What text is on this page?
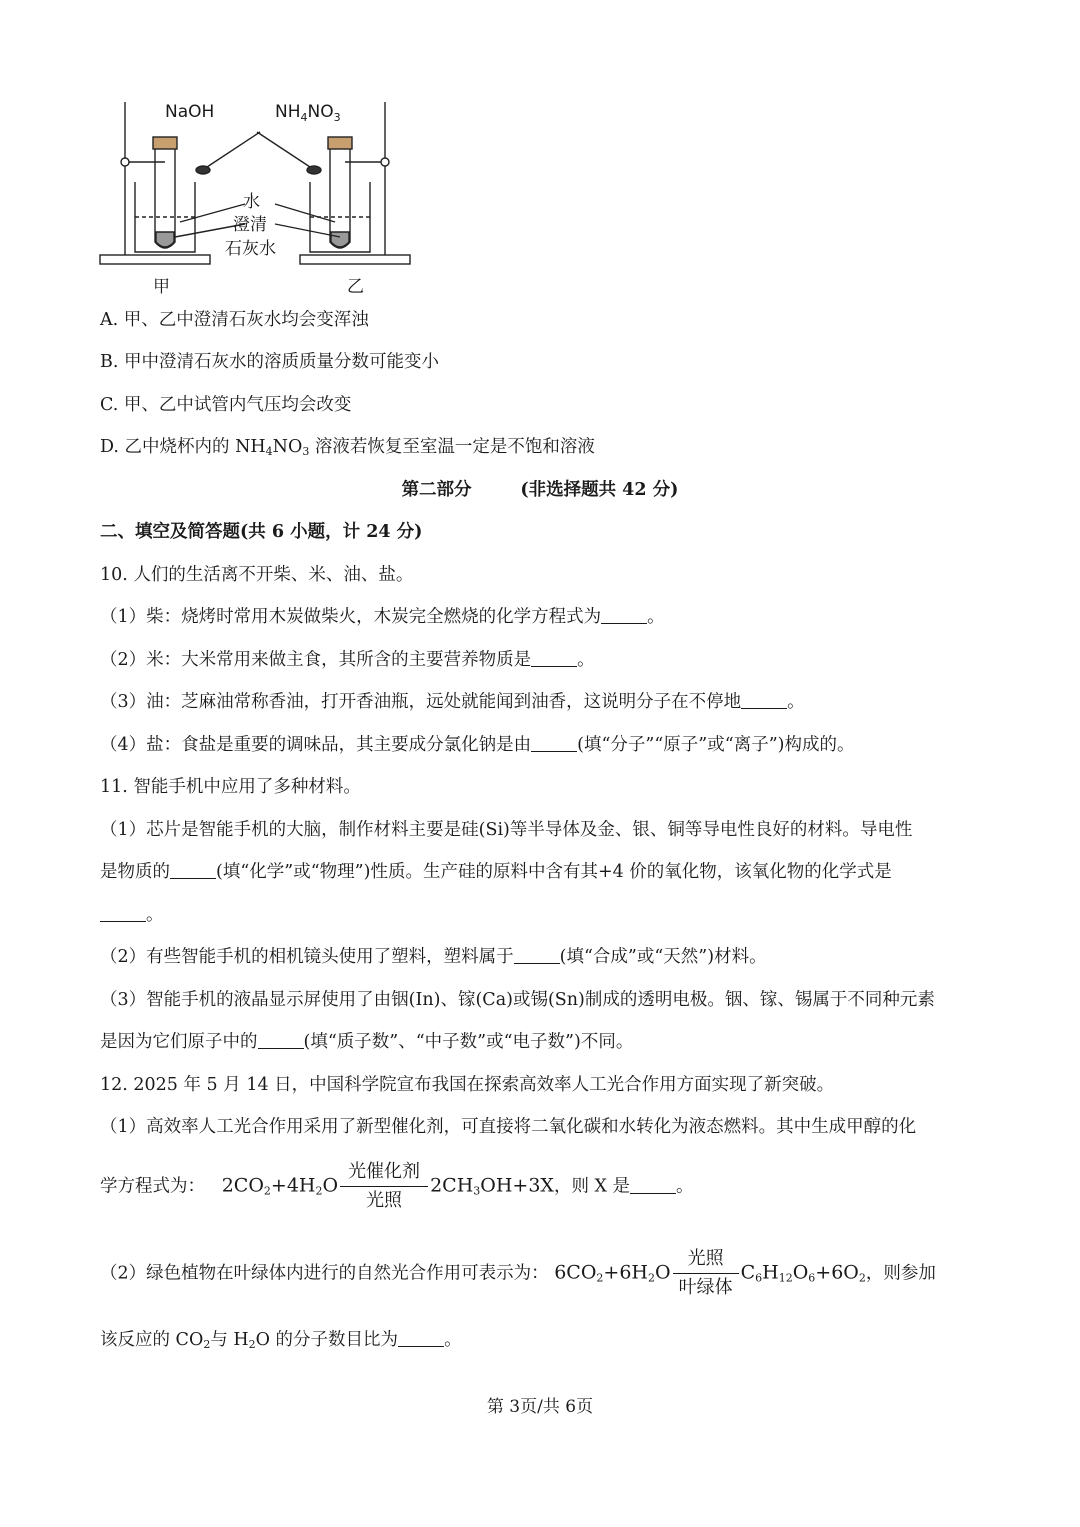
NaOH	$NH_4NO_3$
水
澄清
石灰水
甲	乙
A. 甲、乙中澄清石灰水均会变浑浊
B. 甲中澄清石灰水的溶质质量分数可能变小
C. 甲、乙中试管内气压均会改变
D. 乙中烧杯内的 $NH_4NO_3$ 溶液若恢复至室温一定是不饱和溶液
第二部分	(非选择题共 42 分)
二、填空及简答题(共 6 小题，计 24 分)
10. 人们的生活离不开柴、米、油、盐。
（1）柴：烧烤时常用木炭做柴火，木炭完全燃烧的化学方程式为	。
（2）米：大米常用来做主食，其所含的主要营养物质是	。
（3）油：芝麻油常称香油，打开香油瓶，远处就能闻到油香，这说明分子在不停地	。
（4）盐：食盐是重要的调味品，其主要成分氯化钠是由	(填“分子”“原子”或“离子”)构成的。
11. 智能手机中应用了多种材料。
（1）芯片是智能手机的大脑，制作材料主要是硅(Si)等半导体及金、银、铜等导电性良好的材料。导电性
是物质的	(填“化学”或“物理”)性质。生产硅的原料中含有其+4 价的氧化物，该氧化物的化学式是
。
（2）有些智能手机的相机镜头使用了塑料，塑料属于	(填“合成”或“天然”)材料。
（3）智能手机的液晶显示屏使用了由铟(In)、镓(Ca)或锡(Sn)制成的透明电极。铟、镓、锡属于不同种元素
是因为它们原子中的	(填“质子数”、“中子数”或“电子数”)不同。
12. 2025 年 5 月 14 日，中国科学院宣布我国在探索高效率人工光合作用方面实现了新突破。
（1）高效率人工光合作用采用了新型催化剂，可直接将二氧化碳和水转化为液态燃料。其中生成甲醇的化
学方程式为： $2CO_2+4H_2O \frac{\text{光催化剂}}{\text{光照}} 2CH_3OH+3X$，则 X 是	。
（2）绿色植物在叶绿体内进行的自然光合作用可表示为： $6CO_2+6H_2O \frac{\text{光照}}{\text{叶绿体}} C_6H_{12}O_6+6O_2$，则参加
该反应的 $CO_2$与 $H_2O$ 的分子数目比为	。
第 3页/共 6页
